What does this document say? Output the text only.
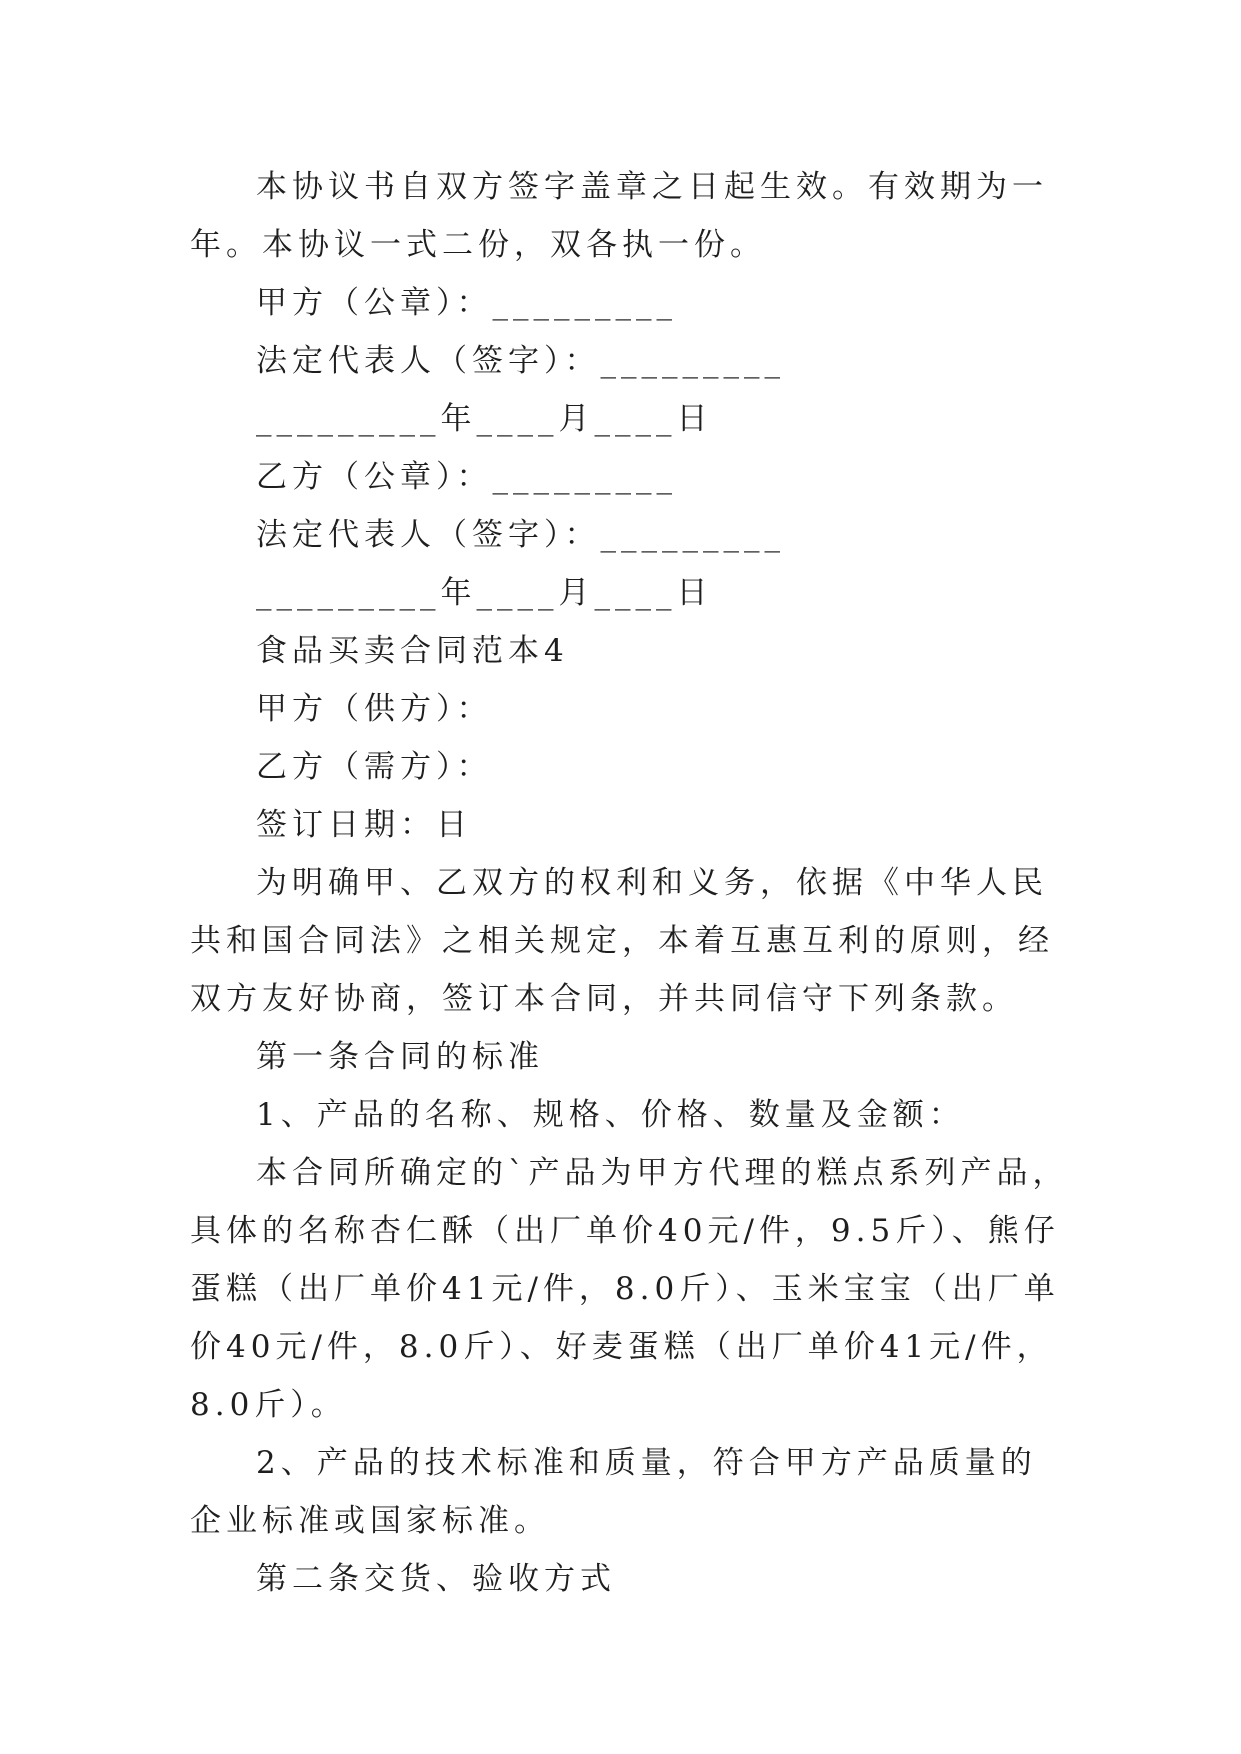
本协议书自双方签字盖章之日起生效。有效期为一年。本协议一式二份，双各执一份。

甲方（公章）：_________

法定代表人（签字）：_________

_________年____月____日

乙方（公章）：_________

法定代表人（签字）：_________

_________年____月____日

食品买卖合同范本4

甲方（供方）：

乙方（需方）：

签订日期：日

为明确甲、乙双方的权利和义务，依据《中华人民共和国合同法》之相关规定，本着互惠互利的原则，经双方友好协商，签订本合同，并共同信守下列条款。

第一条合同的标准

1、产品的名称、规格、价格、数量及金额：

本合同所确定的`产品为甲方代理的糕点系列产品，具体的名称杏仁酥（出厂单价40元/件，9.5斤）、熊仔蛋糕（出厂单价41元/件，8.0斤）、玉米宝宝（出厂单价40元/件，8.0斤）、好麦蛋糕（出厂单价41元/件，8.0斤）。

2、产品的技术标准和质量，符合甲方产品质量的企业标准或国家标准。

第二条交货、验收方式
